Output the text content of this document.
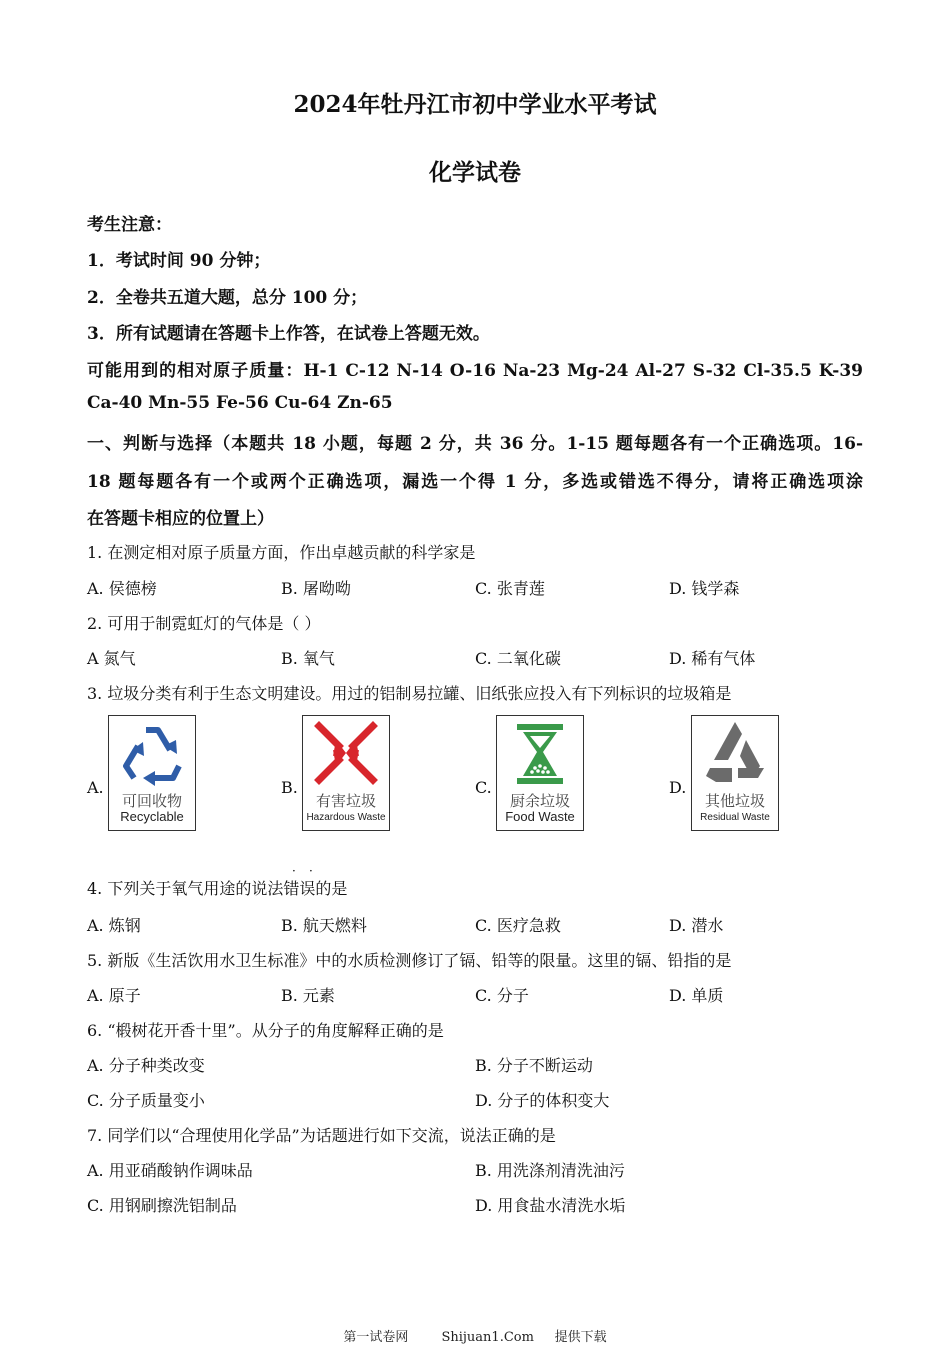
2024年牡丹江市初中学业水平考试
化学试卷
考生注意：
1．考试时间 90 分钟；
2．全卷共五道大题，总分 100 分；
3．所有试题请在答题卡上作答，在试卷上答题无效。
可能用到的相对原子质量：H-1 C-12 N-14 O-16 Na-23 Mg-24 Al-27 S-32 Cl-35.5 K-39
Ca-40 Mn-55 Fe-56 Cu-64 Zn-65
一、判断与选择（本题共 18 小题，每题 2 分，共 36 分。1-15 题每题各有一个正确选项。16-
18 题每题各有一个或两个正确选项，漏选一个得 1 分，多选或错选不得分，请将正确选项涂
在答题卡相应的位置上）
1. 在测定相对原子质量方面，作出卓越贡献的科学家是
A. 侯德榜	B. 屠呦呦	C. 张青莲	D. 钱学森
2. 可用于制霓虹灯的气体是（ ）
A 氮气	B. 氧气	C. 二氧化碳	D. 稀有气体
3. 垃圾分类有利于生态文明建设。用过的铝制易拉罐、旧纸张应投入有下列标识的垃圾箱是
A.
可回收物
Recyclable
B.
有害垃圾
Hazardous Waste
C.
厨余垃圾
Food Waste
D.
其他垃圾
Residual Waste
· ·
4. 下列关于氧气用途的说法错误的是
A. 炼钢	B. 航天燃料	C. 医疗急救	D. 潜水
5. 新版《生活饮用水卫生标准》中的水质检测修订了镉、铅等的限量。这里的镉、铅指的是
A. 原子	B. 元素	C. 分子	D. 单质
6. “椴树花开香十里”。从分子的角度解释正确的是
A. 分子种类改变	B. 分子不断运动
C. 分子质量变小	D. 分子的体积变大
7. 同学们以“合理使用化学品”为话题进行如下交流，说法正确的是
A. 用亚硝酸钠作调味品	B. 用洗涤剂清洗油污
C. 用钢刷擦洗铝制品	D. 用食盐水清洗水垢
第一试卷网        Shijuan1.Com     提供下载
